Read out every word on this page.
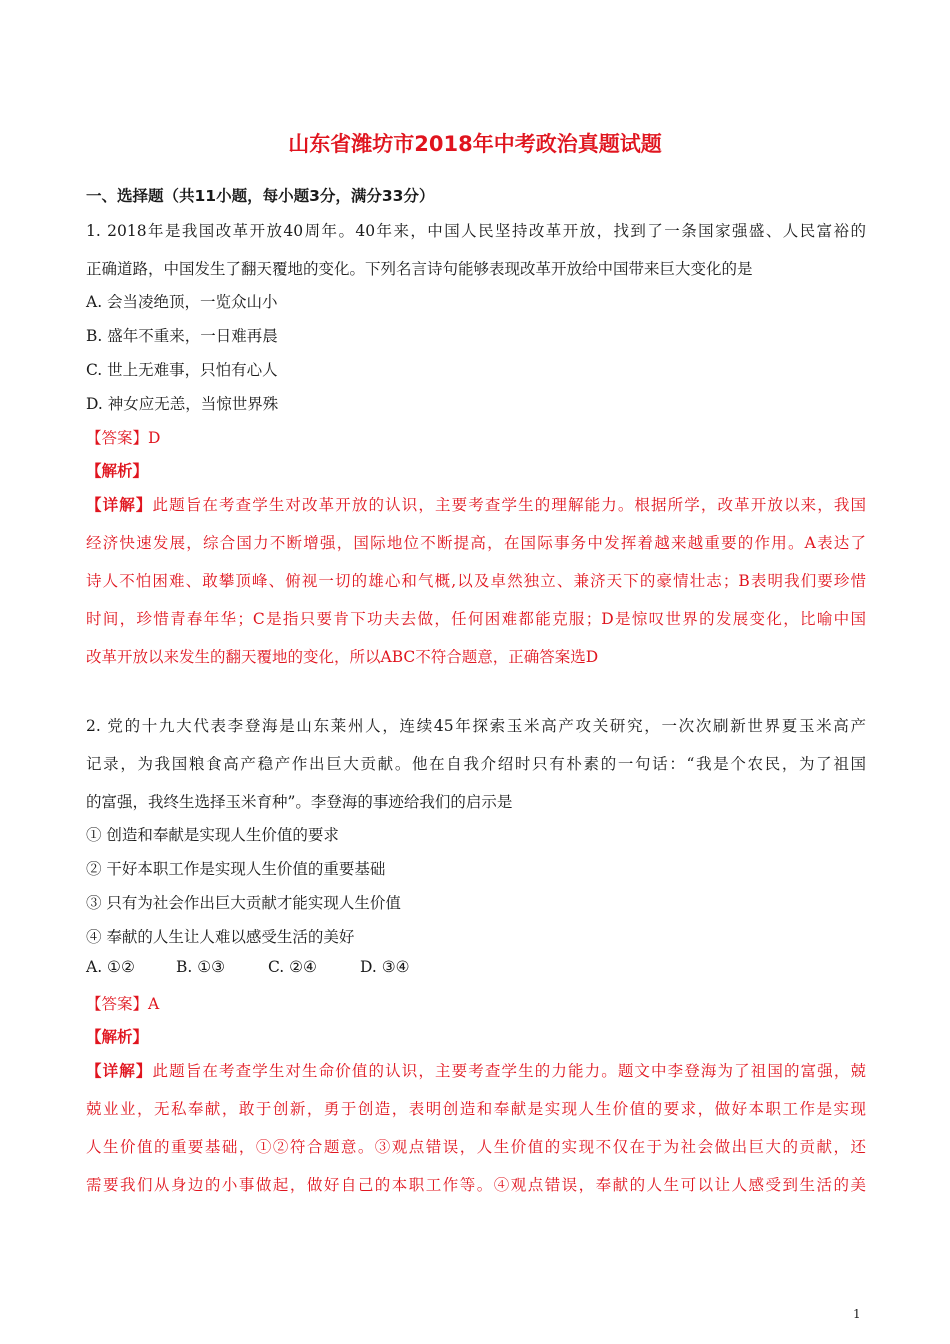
山东省潍坊市2018年中考政治真题试题
一、选择题（共11小题，每小题3分，满分33分）
1. 2018年是我国改革开放40周年。40年来，中国人民坚持改革开放，找到了一条国家强盛、人民富裕的
正确道路，中国发生了翻天覆地的变化。下列名言诗句能够表现改革开放给中国带来巨大变化的是
A. 会当凌绝顶，一览众山小
B. 盛年不重来，一日难再晨
C. 世上无难事，只怕有心人
D. 神女应无恙，当惊世界殊
【答案】D
【解析】
【详解】此题旨在考查学生对改革开放的认识，主要考查学生的理解能力。根据所学，改革开放以来，我国
经济快速发展，综合国力不断增强，国际地位不断提高，在国际事务中发挥着越来越重要的作用。A表达了
诗人不怕困难、敢攀顶峰、俯视一切的雄心和气概,以及卓然独立、兼济天下的豪情壮志；B表明我们要珍惜
时间，珍惜青春年华；C是指只要肯下功夫去做，任何困难都能克服；D是惊叹世界的发展变化，比喻中国
改革开放以来发生的翻天覆地的变化，所以ABC不符合题意，正确答案选D
2. 党的十九大代表李登海是山东莱州人，连续45年探索玉米高产攻关研究，一次次刷新世界夏玉米高产
记录，为我国粮食高产稳产作出巨大贡献。他在自我介绍时只有朴素的一句话：“我是个农民，为了祖国
的富强，我终生选择玉米育种”。李登海的事迹给我们的启示是
① 创造和奉献是实现人生价值的要求
② 干好本职工作是实现人生价值的重要基础
③ 只有为社会作出巨大贡献才能实现人生价值
④ 奉献的人生让人难以感受生活的美好
A. ①②	B. ①③	C. ②④	D. ③④
【答案】A
【解析】
【详解】此题旨在考查学生对生命价值的认识，主要考查学生的力能力。题文中李登海为了祖国的富强，兢
兢业业，无私奉献，敢于创新，勇于创造，表明创造和奉献是实现人生价值的要求，做好本职工作是实现
人生价值的重要基础，①②符合题意。③观点错误，人生价值的实现不仅在于为社会做出巨大的贡献，还
需要我们从身边的小事做起，做好自己的本职工作等。④观点错误，奉献的人生可以让人感受到生活的美
1
